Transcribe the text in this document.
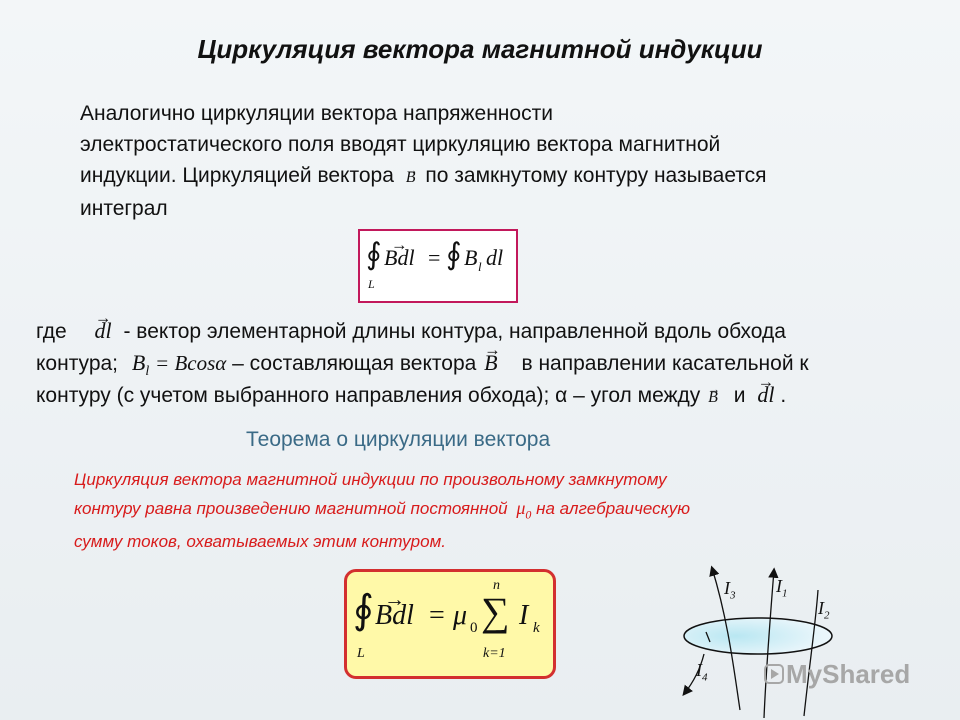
Циркуляция вектора магнитной индукции
Аналогично циркуляции вектора напряженности
электростатического поля вводят циркуляцию вектора магнитной
индукции. Циркуляцией вектора → B по замкнутому контуру называется
интеграл
∮
L
→ Bdl = ∮ B l dl
где → dl - вектор элементарной длины контура, направленной вдоль обхода
контура; $B_l = Bcos\alpha$ – составляющая вектора → B в направлении касательной к
контуру (с учетом выбранного направления обхода); α – угол между → B и → dl .
Теорема о циркуляции вектора
Циркуляция вектора магнитной индукции по произвольному замкнутому
контуру равна произведению магнитной постоянной $\mu_0$ на алгебраическую
сумму токов, охватываемых этим контуром.
∮
L
→ Bdl = μ 0
n
∑
k=1
I k
$I_3$ $I_1$
$I_2$
$I_4$	MyShared
